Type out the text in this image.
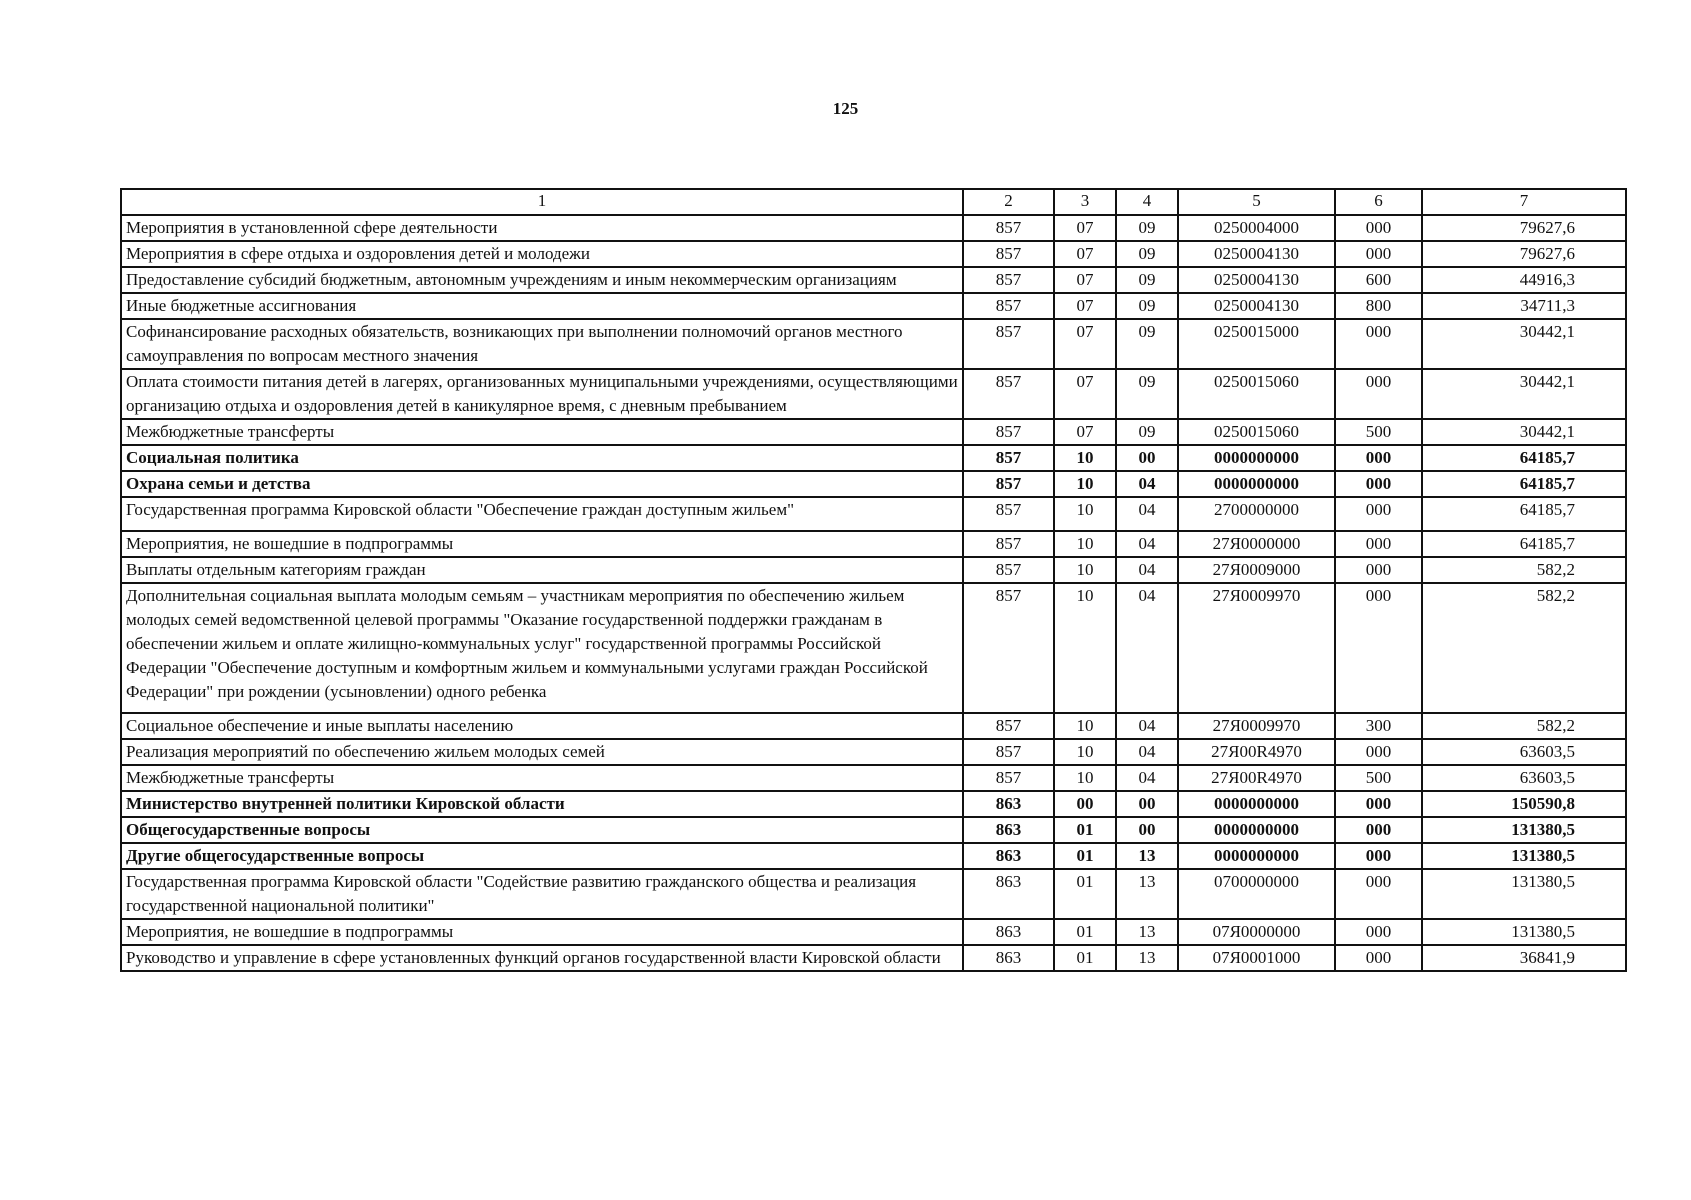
125
1	2	3	4	5	6	7
Мероприятия в установленной сфере деятельности	857	07	09	0250004000	000	79627,6
Мероприятия в сфере отдыха и оздоровления детей и молодежи	857	07	09	0250004130	000	79627,6
Предоставление субсидий бюджетным, автономным учреждениям и иным некоммерческим организациям	857	07	09	0250004130	600	44916,3
Иные бюджетные ассигнования	857	07	09	0250004130	800	34711,3
Софинансирование расходных обязательств, возникающих при выполнении полномочий органов местного самоуправления по вопросам местного значения	857	07	09	0250015000	000	30442,1
Оплата стоимости питания детей в лагерях, организованных муниципальными учреждениями, осуществляющими организацию отдыха и оздоровления детей в каникулярное время, с дневным пребыванием	857	07	09	0250015060	000	30442,1
Межбюджетные трансферты	857	07	09	0250015060	500	30442,1
Социальная политика	857	10	00	0000000000	000	64185,7
Охрана семьи и детства	857	10	04	0000000000	000	64185,7
Государственная программа Кировской области "Обеспечение граждан доступным жильем"	857	10	04	2700000000	000	64185,7
Мероприятия, не вошедшие в подпрограммы	857	10	04	27Я0000000	000	64185,7
Выплаты отдельным категориям граждан	857	10	04	27Я0009000	000	582,2
Дополнительная социальная выплата молодым семьям – участникам мероприятия по обеспечению жильем молодых семей ведомственной целевой программы "Оказание государственной поддержки гражданам в обеспечении жильем и оплате жилищно-коммунальных услуг" государственной программы Российской Федерации "Обеспечение доступным и комфортным жильем и коммунальными услугами граждан Российской Федерации" при рождении (усыновлении) одного ребенка	857	10	04	27Я0009970	000	582,2
Социальное обеспечение и иные выплаты населению	857	10	04	27Я0009970	300	582,2
Реализация мероприятий по обеспечению жильем молодых семей	857	10	04	27Я00R4970	000	63603,5
Межбюджетные трансферты	857	10	04	27Я00R4970	500	63603,5
Министерство внутренней политики Кировской области	863	00	00	0000000000	000	150590,8
Общегосударственные вопросы	863	01	00	0000000000	000	131380,5
Другие общегосударственные вопросы	863	01	13	0000000000	000	131380,5
Государственная программа Кировской области "Содействие развитию гражданского общества и реализация государственной национальной политики"	863	01	13	0700000000	000	131380,5
Мероприятия, не вошедшие в подпрограммы	863	01	13	07Я0000000	000	131380,5
Руководство и управление в сфере установленных функций органов государственной власти Кировской области	863	01	13	07Я0001000	000	36841,9
